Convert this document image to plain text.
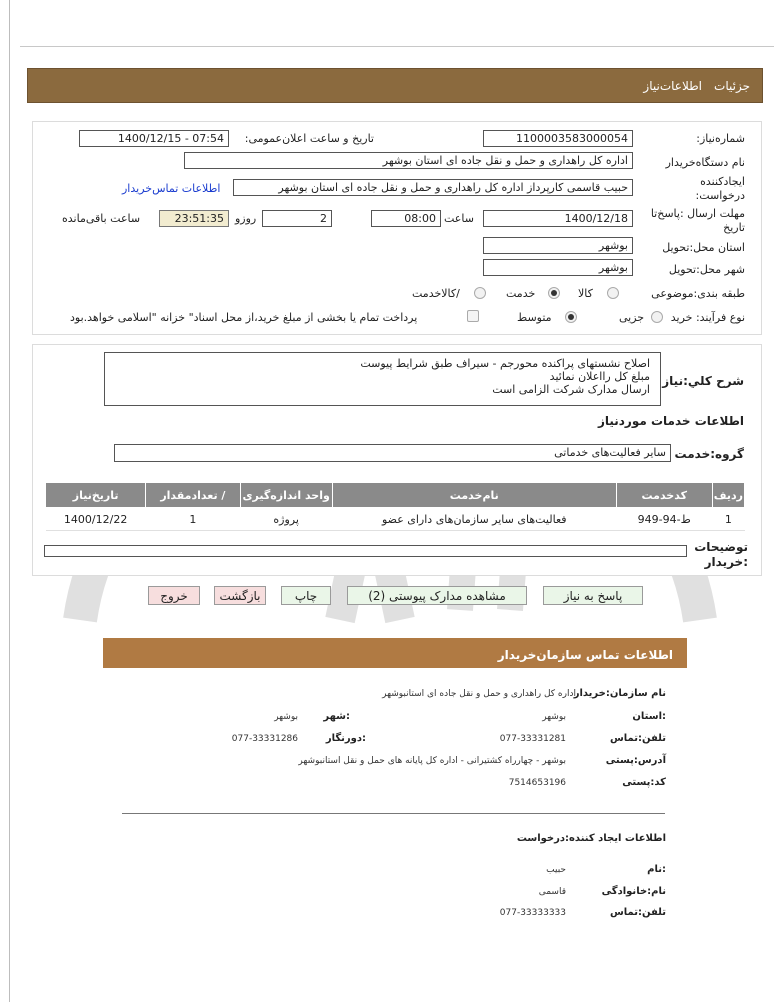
جزئیات
اطلاعات‌نیاز
شماره‌نیاز:
1100003583000054
تاریخ و ساعت اعلان‌عمومی:
1400/12/15 - 07:54
نام دستگاه‌خریدار
اداره کل راهداری و حمل و نقل جاده ای استان بوشهر
ایجادکننده
درخواست:
حبیب قاسمی کارپرداز اداره کل راهداری و حمل و نقل جاده ای استان بوشهر
اطلاعات تماس‌خریدار
مهلت ارسال :پاسخ‌تا
تاریخ
1400/12/18
ساعت
08:00
2
روزو
23:51:35
ساعت باقی‌مانده
استان محل:تحویل
بوشهر
شهر محل:تحویل
بوشهر
طبقه بندی:موضوعی
کالا
خدمت
/کالاخدمت
نوع فرآیند: خرید
جزیی
متوسط
پرداخت تمام یا بخشی از مبلغ خرید،از محل اسناد" خزانه "اسلامی خواهد.بود
شرح کلي:نیاز
اصلاح نشستهای پراکنده محورجم - سیراف طبق شرایط پیوست
مبلغ کل رااعلان نمائید
ارسال مدارک شرکت الزامی است
اطلاعات خدمات موردنیاز
گروه:خدمت
سایر فعالیت‌های خدماتی
ردیف	کدخدمت	نام‌خدمت	واحد اندازه‌گیری	/ تعدادمقدار	تاریخ‌نیاز
1	ط-94-949	فعالیت‌های سایر سازمان‌های دارای عضو	پروژه	1	1400/12/22
توضیحات
:خریدار
پاسخ به نیاز
مشاهده مدارک پیوستی (2)
چاپ
بازگشت
خروج
اطلاعات تماس سازمان‌خریدار
نام سازمان:خریدار
اداره کل راهداری و حمل و نقل جاده ای استانبوشهر
:استان
بوشهر
:شهر
بوشهر
تلفن:تماس
077-33331281
:دورنگار
077-33331286
آدرس:پستی
بوشهر - چهارراه کشتیرانی - اداره کل پایانه های حمل و نقل استانبوشهر
کد:پستی
7514653196
اطلاعات ایجاد کننده:درخواست
:نام
حبیب
نام:خانوادگی
قاسمی
تلفن:تماس
077-33333333
